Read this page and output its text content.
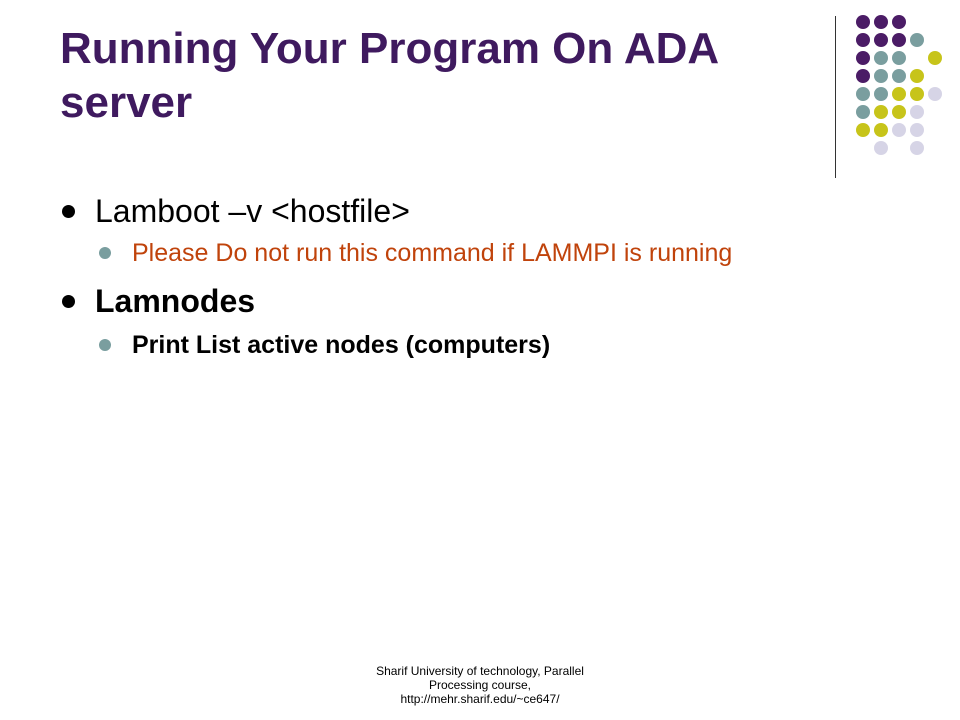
Running Your Program On ADA server
Lamboot –v <hostfile>
Please Do not run this command if LAMMPI is running
Lamnodes
Print List active nodes (computers)
Sharif University of technology, Parallel
Processing course,
http://mehr.sharif.edu/~ce647/
